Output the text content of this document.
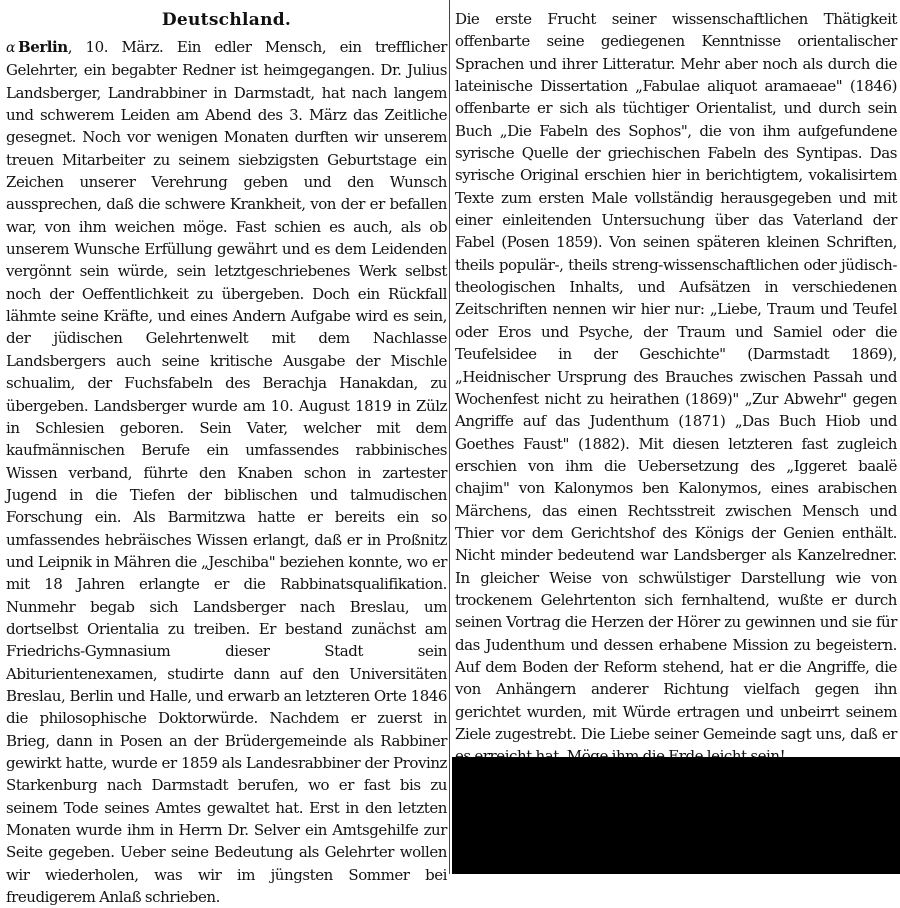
Deutschland.

α Berlin, 10. März. Ein edler Mensch, ein trefflicher Gelehrter, ein begabter Redner ist heimgegangen. Dr. Julius Landsberger, Landrabbiner in Darmstadt, hat nach langem und schwerem Leiden am Abend des 3. März das Zeitliche gesegnet. Noch vor wenigen Monaten durften wir unserem treuen Mitarbeiter zu seinem siebzigsten Geburtstage ein Zeichen unserer Verehrung geben und den Wunsch aussprechen, daß die schwere Krankheit, von der er befallen war, von ihm weichen möge. Fast schien es auch, als ob unserem Wunsche Erfüllung gewährt und es dem Leidenden vergönnt sein würde, sein letztgeschriebenes Werk selbst noch der Oeffentlichkeit zu übergeben. Doch ein Rückfall lähmte seine Kräfte, und eines Andern Aufgabe wird es sein, der jüdischen Gelehrtenwelt mit dem Nachlasse Landsbergers auch seine kritische Ausgabe der Mischle schualim, der Fuchsfabeln des Berachja Hanakdan, zu übergeben. Landsberger wurde am 10. August 1819 in Zülz in Schlesien geboren. Sein Vater, welcher mit dem kaufmännischen Berufe ein umfassendes rabbinisches Wissen verband, führte den Knaben schon in zartester Jugend in die Tiefen der biblischen und talmudischen Forschung ein. Als Barmitzwa hatte er bereits ein so umfassendes hebräisches Wissen erlangt, daß er in Proßnitz und Leipnik in Mähren die „Jeschiba" beziehen konnte, wo er mit 18 Jahren erlangte er die Rabbinatsqualifikation. Nunmehr begab sich Landsberger nach Breslau, um dortselbst Orientalia zu treiben. Er bestand zunächst am Friedrichs-Gymnasium dieser Stadt sein Abiturientenexamen, studirte dann auf den Universitäten Breslau, Berlin und Halle, und erwarb an letzteren Orte 1846 die philosophische Doktorwürde. Nachdem er zuerst in Brieg, dann in Posen an der Brüdergemeinde als Rabbiner gewirkt hatte, wurde er 1859 als Landesrabbiner der Provinz Starkenburg nach Darmstadt berufen, wo er fast bis zu seinem Tode seines Amtes gewaltet hat. Erst in den letzten Monaten wurde ihm in Herrn Dr. Selver ein Amtsgehilfe zur Seite gegeben. Ueber seine Bedeutung als Gelehrter wollen wir wiederholen, was wir im jüngsten Sommer bei freudigerem Anlaß schrieben.

Die erste Frucht seiner wissenschaftlichen Thätigkeit offenbarte seine gediegenen Kenntnisse orientalischer Sprachen und ihrer Litteratur. Mehr aber noch als durch die lateinische Dissertation „Fabulae aliquot aramaeae" (1846) offenbarte er sich als tüchtiger Orientalist, und durch sein Buch „Die Fabeln des Sophos", die von ihm aufgefundene syrische Quelle der griechischen Fabeln des Syntipas. Das syrische Original erschien hier in berichtigtem, vokalisirtem Texte zum ersten Male vollständig herausgegeben und mit einer einleitenden Untersuchung über das Vaterland der Fabel (Posen 1859). Von seinen späteren kleinen Schriften, theils populär-, theils streng-wissenschaftlichen oder jüdisch-theologischen Inhalts, und Aufsätzen in verschiedenen Zeitschriften nennen wir hier nur: „Liebe, Traum und Teufel oder Eros und Psyche, der Traum und Samiel oder die Teufelsidee in der Geschichte" (Darmstadt 1869), „Heidnischer Ursprung des Brauches zwischen Passah und Wochenfest nicht zu heirathen (1869)" „Zur Abwehr" gegen Angriffe auf das Judenthum (1871) „Das Buch Hiob und Goethes Faust" (1882). Mit diesen letzteren fast zugleich erschien von ihm die Uebersetzung des „Iggeret baalë chajim" von Kalonymos ben Kalonymos, eines arabischen Märchens, das einen Rechtsstreit zwischen Mensch und Thier vor dem Gerichtshof des Königs der Genien enthält. Nicht minder bedeutend war Landsberger als Kanzelredner. In gleicher Weise von schwülstiger Darstellung wie von trockenem Gelehrtenton sich fernhaltend, wußte er durch seinen Vortrag die Herzen der Hörer zu gewinnen und sie für das Judenthum und dessen erhabene Mission zu begeistern. Auf dem Boden der Reform stehend, hat er die Angriffe, die von Anhängern anderer Richtung vielfach gegen ihn gerichtet wurden, mit Würde ertragen und unbeirrt seinem Ziele zugestrebt. Die Liebe seiner Gemeinde sagt uns, daß er
